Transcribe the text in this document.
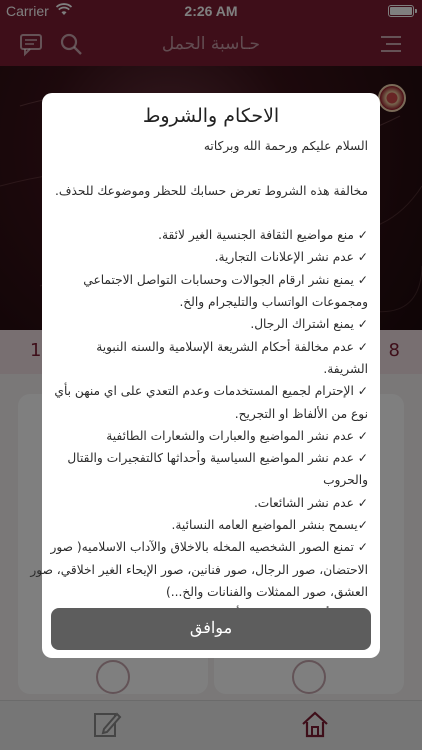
الاحكام والشروط
السلام عليكم ورحمة الله وبركاته
مخالفة هذه الشروط تعرض حسابك للحظر وموضوعك للحذف.
✓ منع مواضيع الثقافة الجنسية الغير لائقة.
✓ عدم نشر الإعلانات التجارية.
✓ يمنع نشر ارقام الجوالات وحسابات التواصل الاجتماعي
ومجموعات الواتساب والتليجرام والخ.
✓ يمنع اشتراك الرجال.
✓ عدم مخالفة أحكام الشريعة الإسلامية والسنه النبوية
الشريفة.
✓ الإحترام لجميع المستخدمات وعدم التعدي على اي منهن بأي
نوع من الألفاظ او التجريح.
✓ عدم نشر المواضيع والعبارات والشعارات الطائفية
✓ عدم نشر المواضيع السياسية وأحداثها كالتفجيرات والقتال
والحروب
✓ عدم نشر الشائعات.
✓يسمح بنشر المواضيع العامه النسائية.
✓ تمنع الصور الشخصيه المخله بالاخلاق والآداب الاسلاميه( صور
الاحتضان، صور الرجال، صور فنانين، صور الإيحاء الغير اخلاقي، صور
العشق، صور الممثلات والفنانات والخ...)
موافق
